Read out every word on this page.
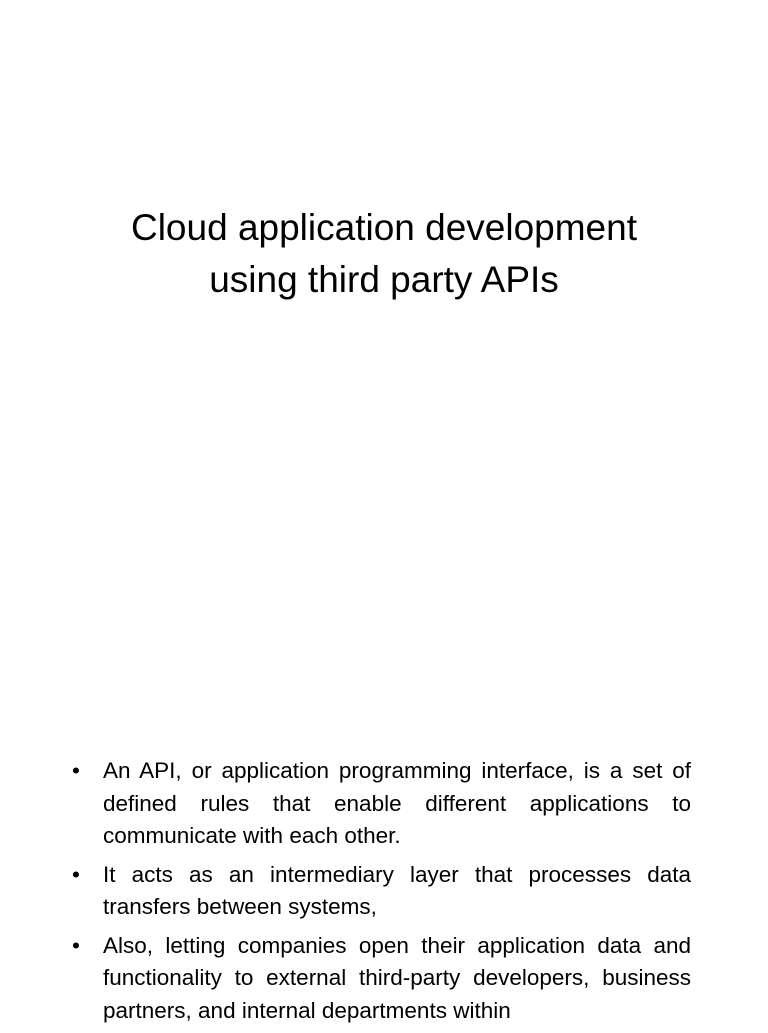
Cloud application development
using third party APIs
•	An API, or application programming interface, is a set of defined rules that enable different applications to communicate with each other.
•	It acts as an intermediary layer that processes data transfers between systems,
•	Also, letting companies open their application data and functionality to external third-party developers, business partners, and internal departments within
